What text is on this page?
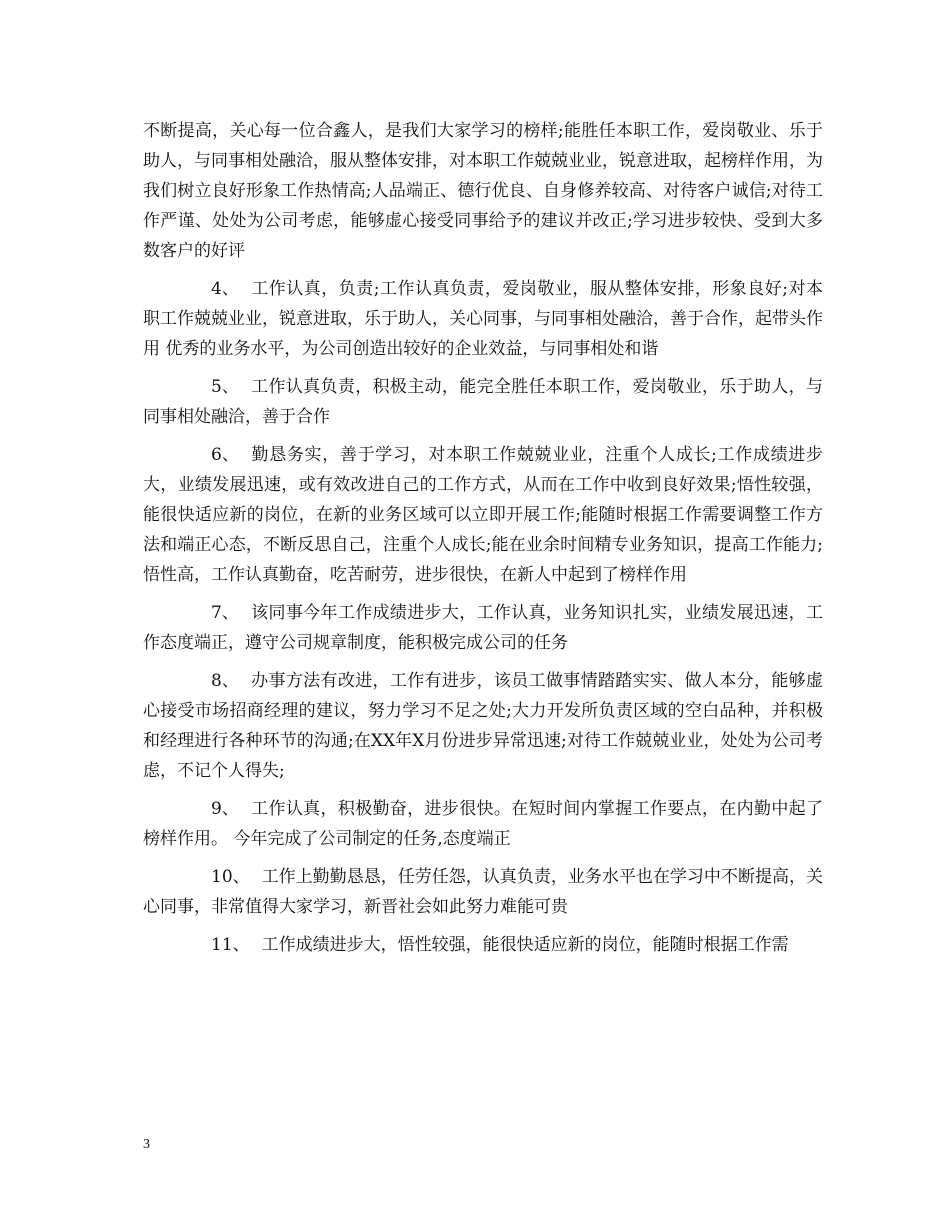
不断提高，关心每一位合鑫人，是我们大家学习的榜样;能胜任本职工作，爱岗敬业、乐于助人，与同事相处融洽，服从整体安排，对本职工作兢兢业业，锐意进取，起榜样作用，为我们树立良好形象工作热情高;人品端正、德行优良、自身修养较高、对待客户诚信;对待工作严谨、处处为公司考虑，能够虚心接受同事给予的建议并改正;学习进步较快、受到大多数客户的好评

4、 工作认真，负责;工作认真负责，爱岗敬业，服从整体安排，形象良好;对本职工作兢兢业业，锐意进取，乐于助人，关心同事，与同事相处融洽，善于合作，起带头作用 优秀的业务水平，为公司创造出较好的企业效益，与同事相处和谐

5、 工作认真负责，积极主动，能完全胜任本职工作，爱岗敬业，乐于助人，与同事相处融洽，善于合作

6、 勤恳务实，善于学习，对本职工作兢兢业业，注重个人成长;工作成绩进步大，业绩发展迅速，或有效改进自己的工作方式，从而在工作中收到良好效果;悟性较强，能很快适应新的岗位，在新的业务区域可以立即开展工作;能随时根据工作需要调整工作方法和端正心态，不断反思自己，注重个人成长;能在业余时间精专业务知识，提高工作能力;悟性高，工作认真勤奋，吃苦耐劳，进步很快，在新人中起到了榜样作用

7、 该同事今年工作成绩进步大，工作认真，业务知识扎实，业绩发展迅速，工作态度端正，遵守公司规章制度，能积极完成公司的任务

8、 办事方法有改进，工作有进步，该员工做事情踏踏实实、做人本分，能够虚心接受市场招商经理的建议，努力学习不足之处;大力开发所负责区域的空白品种，并积极和经理进行各种环节的沟通;在XX年X月份进步异常迅速;对待工作兢兢业业，处处为公司考虑，不记个人得失;

9、 工作认真，积极勤奋，进步很快。在短时间内掌握工作要点，在内勤中起了榜样作用。 今年完成了公司制定的任务,态度端正

10、 工作上勤勤恳恳，任劳任怨，认真负责，业务水平也在学习中不断提高，关心同事，非常值得大家学习，新晋社会如此努力难能可贵

11、 工作成绩进步大，悟性较强，能很快适应新的岗位，能随时根据工作需

3
